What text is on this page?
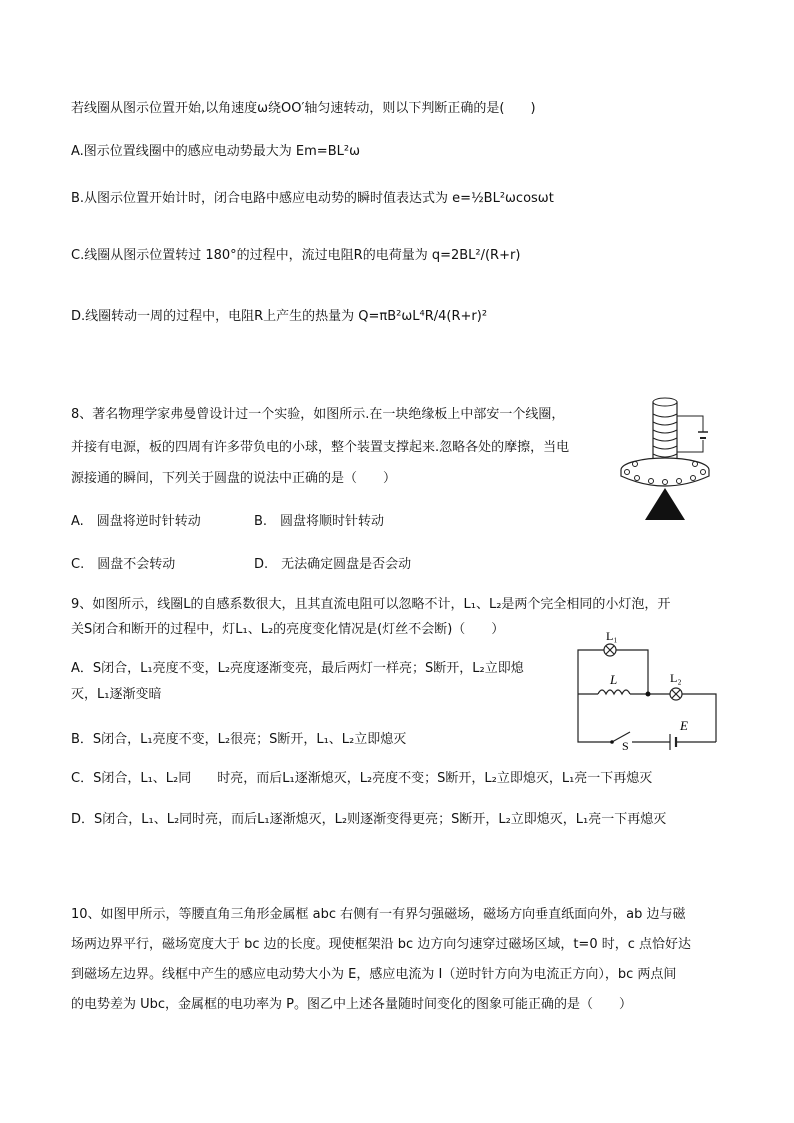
若线圈从图示位置开始,以角速度ω绕OO′轴匀速转动，则以下判断正确的是(　　)
A.图示位置线圈中的感应电动势最大为 Em=BL²ω
B.从图示位置开始计时，闭合电路中感应电动势的瞬时值表达式为 e=½BL²ωcosωt
C.线圈从图示位置转过 180°的过程中，流过电阻R的电荷量为 q=2BL²/(R+r)
D.线圈转动一周的过程中，电阻R上产生的热量为 Q=πB²ωL⁴R/4(R+r)²
8、著名物理学家弗曼曾设计过一个实验，如图所示.在一块绝缘板上中部安一个线圈，
并接有电源，板的四周有许多带负电的小球，整个装置支撑起来.忽略各处的摩擦，当电
源接通的瞬间，下列关于圆盘的说法中正确的是（　　）
A.　圆盘将逆时针转动	B.　圆盘将顺时针转动
C.　圆盘不会转动	D.　无法确定圆盘是否会动
9、如图所示，线圈L的自感系数很大，且其直流电阻可以忽略不计，L₁、L₂是两个完全相同的小灯泡，开
关S闭合和断开的过程中，灯L₁、L₂的亮度变化情况是(灯丝不会断)（　　）
A．S闭合，L₁亮度不变，L₂亮度逐渐变亮，最后两灯一样亮；S断开，L₂立即熄
灭，L₁逐渐变暗
B．S闭合，L₁亮度不变，L₂很亮；S断开，L₁、L₂立即熄灭
C．S闭合，L₁、L₂同　　时亮，而后L₁逐渐熄灭，L₂亮度不变；S断开，L₂立即熄灭，L₁亮一下再熄灭
D．S闭合，L₁、L₂同时亮，而后L₁逐渐熄灭，L₂则逐渐变得更亮；S断开，L₂立即熄灭，L₁亮一下再熄灭
L₁
L	L₂
E
S
10、如图甲所示，等腰直角三角形金属框 abc 右侧有一有界匀强磁场，磁场方向垂直纸面向外，ab 边与磁
场两边界平行，磁场宽度大于 bc 边的长度。现使框架沿 bc 边方向匀速穿过磁场区域，t=0 时，c 点恰好达
到磁场左边界。线框中产生的感应电动势大小为 E，感应电流为 I（逆时针方向为电流正方向），bc 两点间
的电势差为 Ubc，金属框的电功率为 P。图乙中上述各量随时间变化的图象可能正确的是（　　）
